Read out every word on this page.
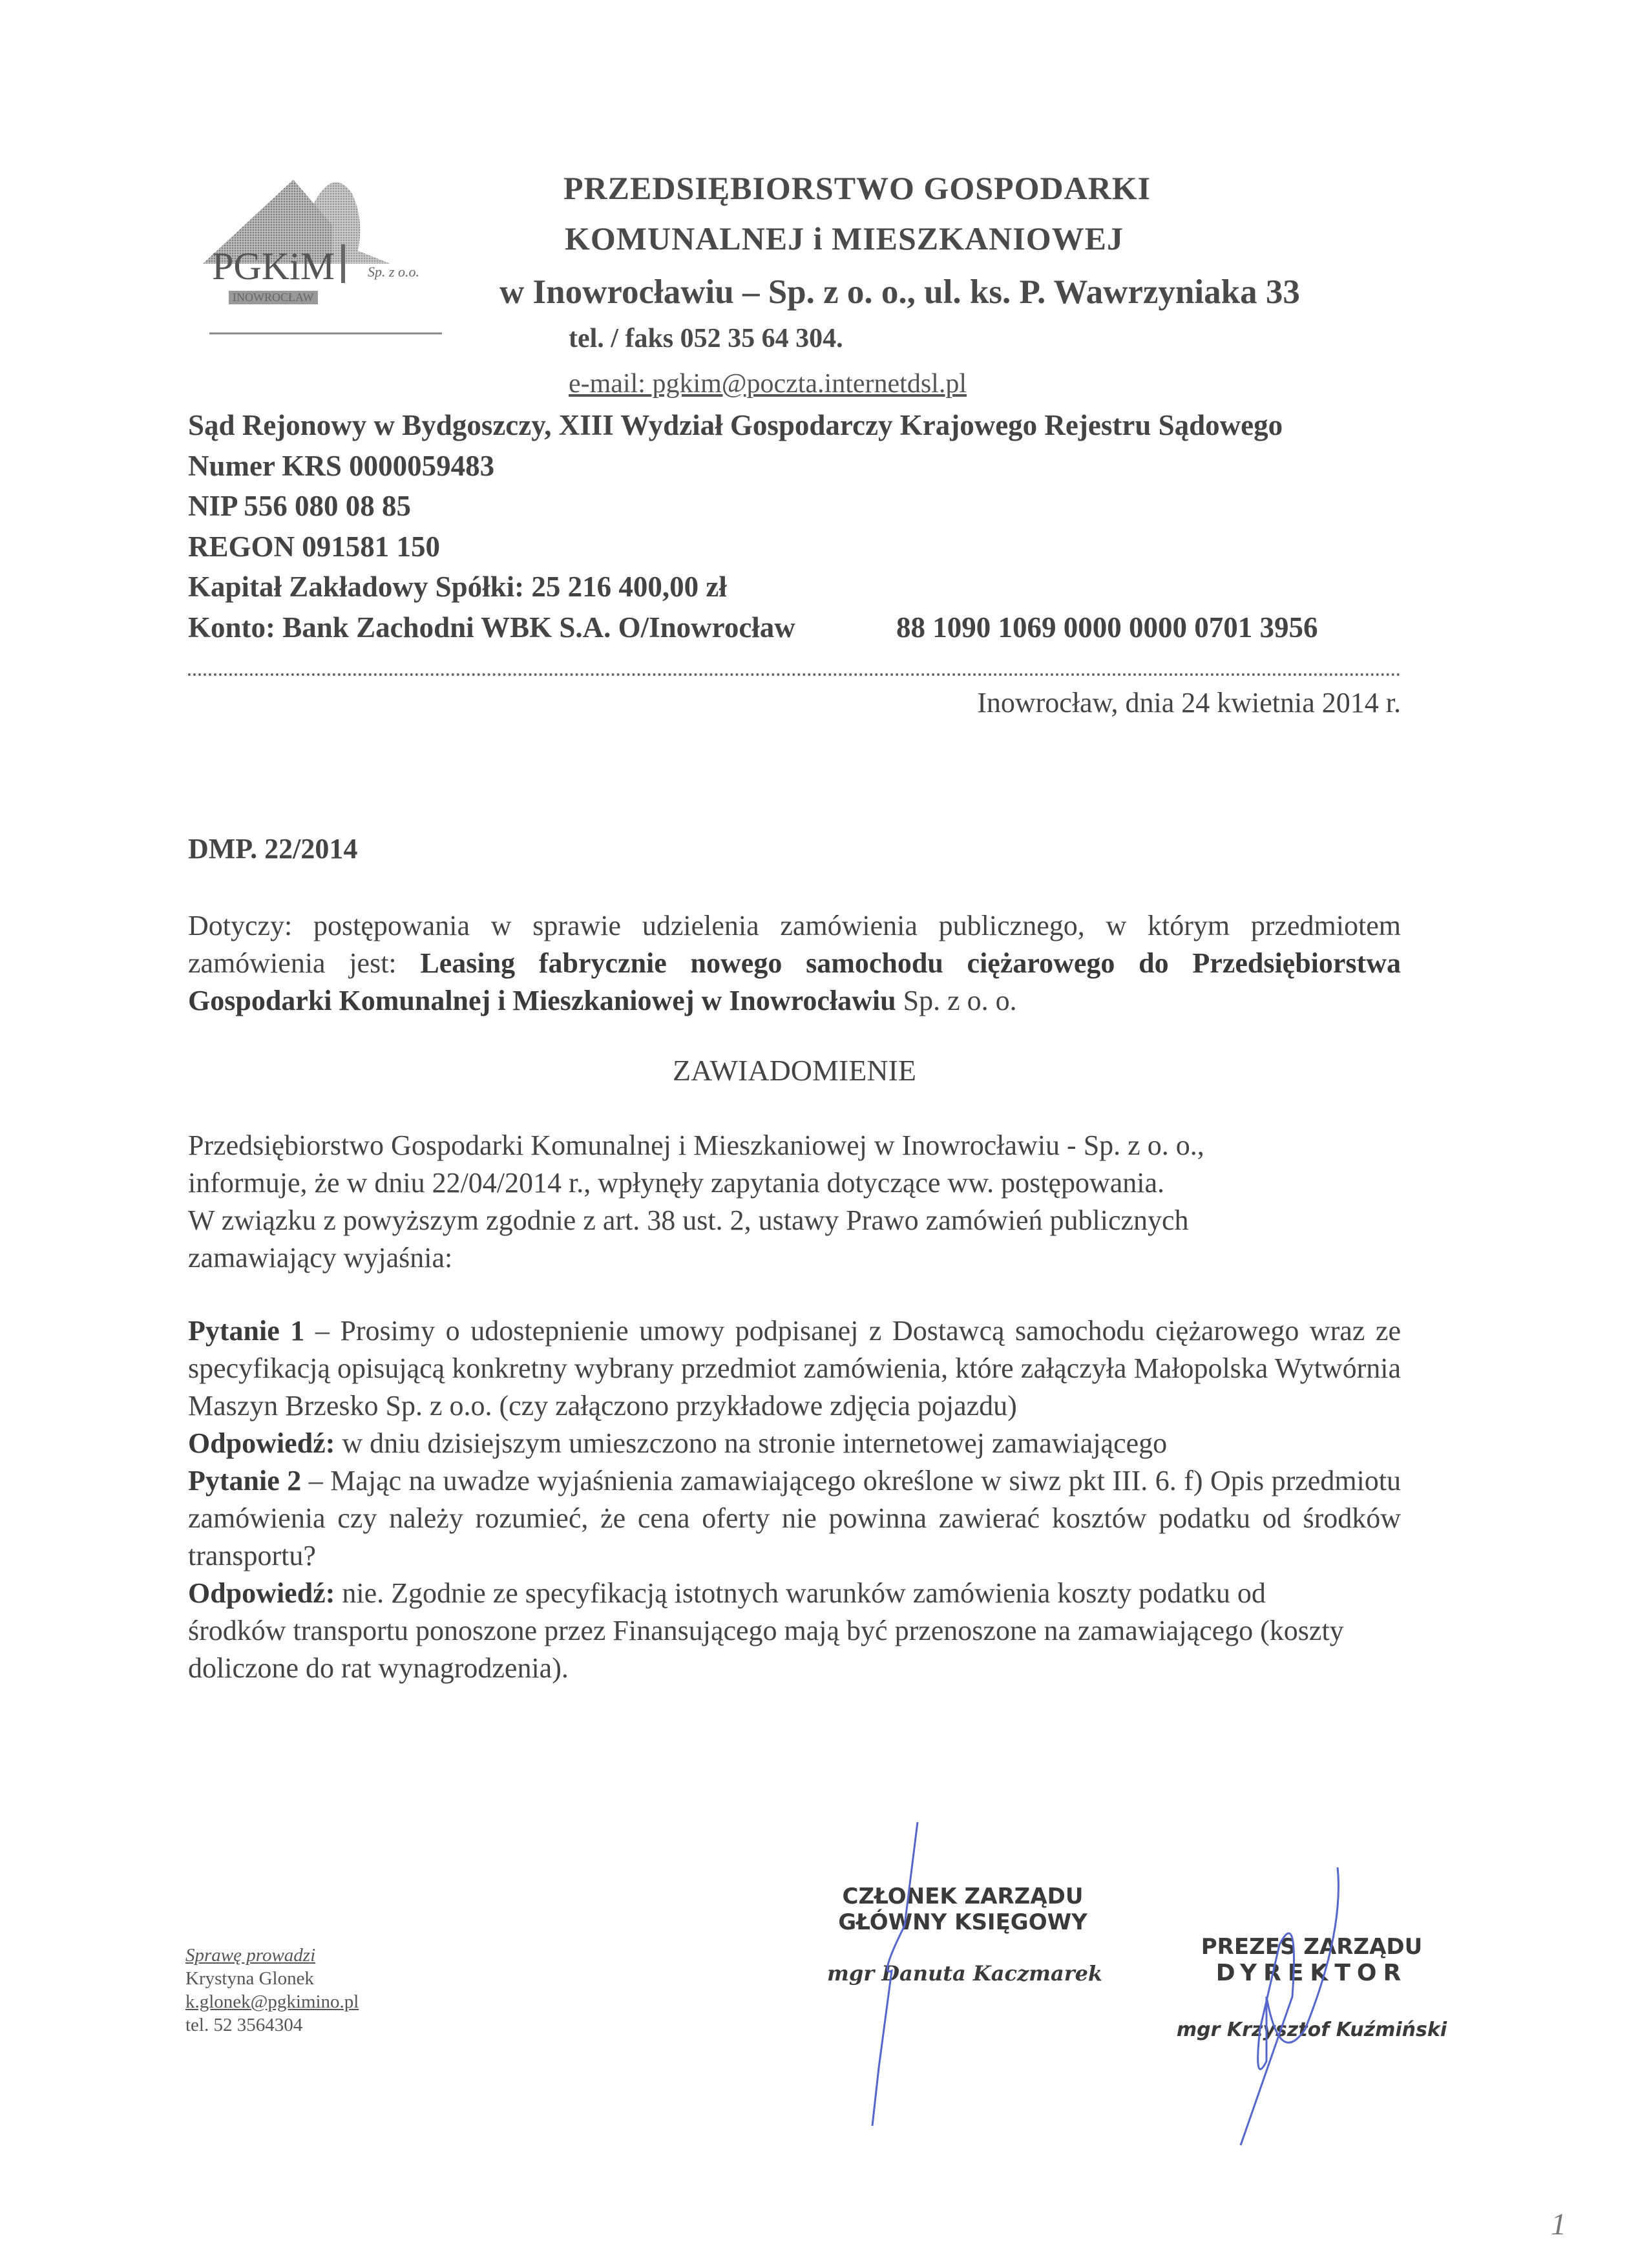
PGKiM Sp. z o.o.
INOWROCŁAW
PRZEDSIĘBIORSTWO GOSPODARKI
KOMUNALNEJ i MIESZKANIOWEJ
w Inowrocławiu – Sp. z o. o., ul. ks. P. Wawrzyniaka 33
tel. / faks 052 35 64 304.
e-mail: pgkim@poczta.internetdsl.pl
Sąd Rejonowy w Bydgoszczy, XIII Wydział Gospodarczy Krajowego Rejestru Sądowego
Numer KRS 0000059483
NIP 556 080 08 85
REGON 091581 150
Kapitał Zakładowy Spółki: 25 216 400,00 zł
Konto: Bank Zachodni WBK S.A. O/Inowrocław	88 1090 1069 0000 0000 0701 3956
Inowrocław, dnia 24 kwietnia 2014 r.
DMP. 22/2014
Dotyczy: postępowania w sprawie udzielenia zamówienia publicznego, w którym przedmiotem zamówienia jest: Leasing fabrycznie nowego samochodu ciężarowego do Przedsiębiorstwa Gospodarki Komunalnej i Mieszkaniowej w Inowrocławiu Sp. z o. o.
ZAWIADOMIENIE
Przedsiębiorstwo Gospodarki Komunalnej i Mieszkaniowej w Inowrocławiu - Sp. z o. o.,
informuje, że w dniu 22/04/2014 r., wpłynęły zapytania dotyczące ww. postępowania.
W związku z powyższym zgodnie z art. 38 ust. 2, ustawy Prawo zamówień publicznych
zamawiający wyjaśnia:
Pytanie 1 – Prosimy o udostepnienie umowy podpisanej z Dostawcą samochodu ciężarowego wraz ze specyfikacją opisującą konkretny wybrany przedmiot zamówienia, które załączyła Małopolska Wytwórnia Maszyn Brzesko Sp. z o.o. (czy załączono przykładowe zdjęcia pojazdu)
Odpowiedź: w dniu dzisiejszym umieszczono na stronie internetowej zamawiającego
Pytanie 2 – Mając na uwadze wyjaśnienia zamawiającego określone w siwz pkt III. 6. f) Opis przedmiotu zamówienia czy należy rozumieć, że cena oferty nie powinna zawierać kosztów podatku od środków transportu?
Odpowiedź: nie. Zgodnie ze specyfikacją istotnych warunków zamówienia koszty podatku od środków transportu ponoszone przez Finansującego mają być przenoszone na zamawiającego (koszty doliczone do rat wynagrodzenia).
Sprawę prowadzi
Krystyna Glonek
k.glonek@pgkimino.pl
tel. 52 3564304
CZŁONEK ZARZĄDU
GŁÓWNY KSIĘGOWY
mgr Danuta Kaczmarek
PREZES ZARZĄDU
DYREKTOR
mgr Krzysztof Kuźmiński
1
